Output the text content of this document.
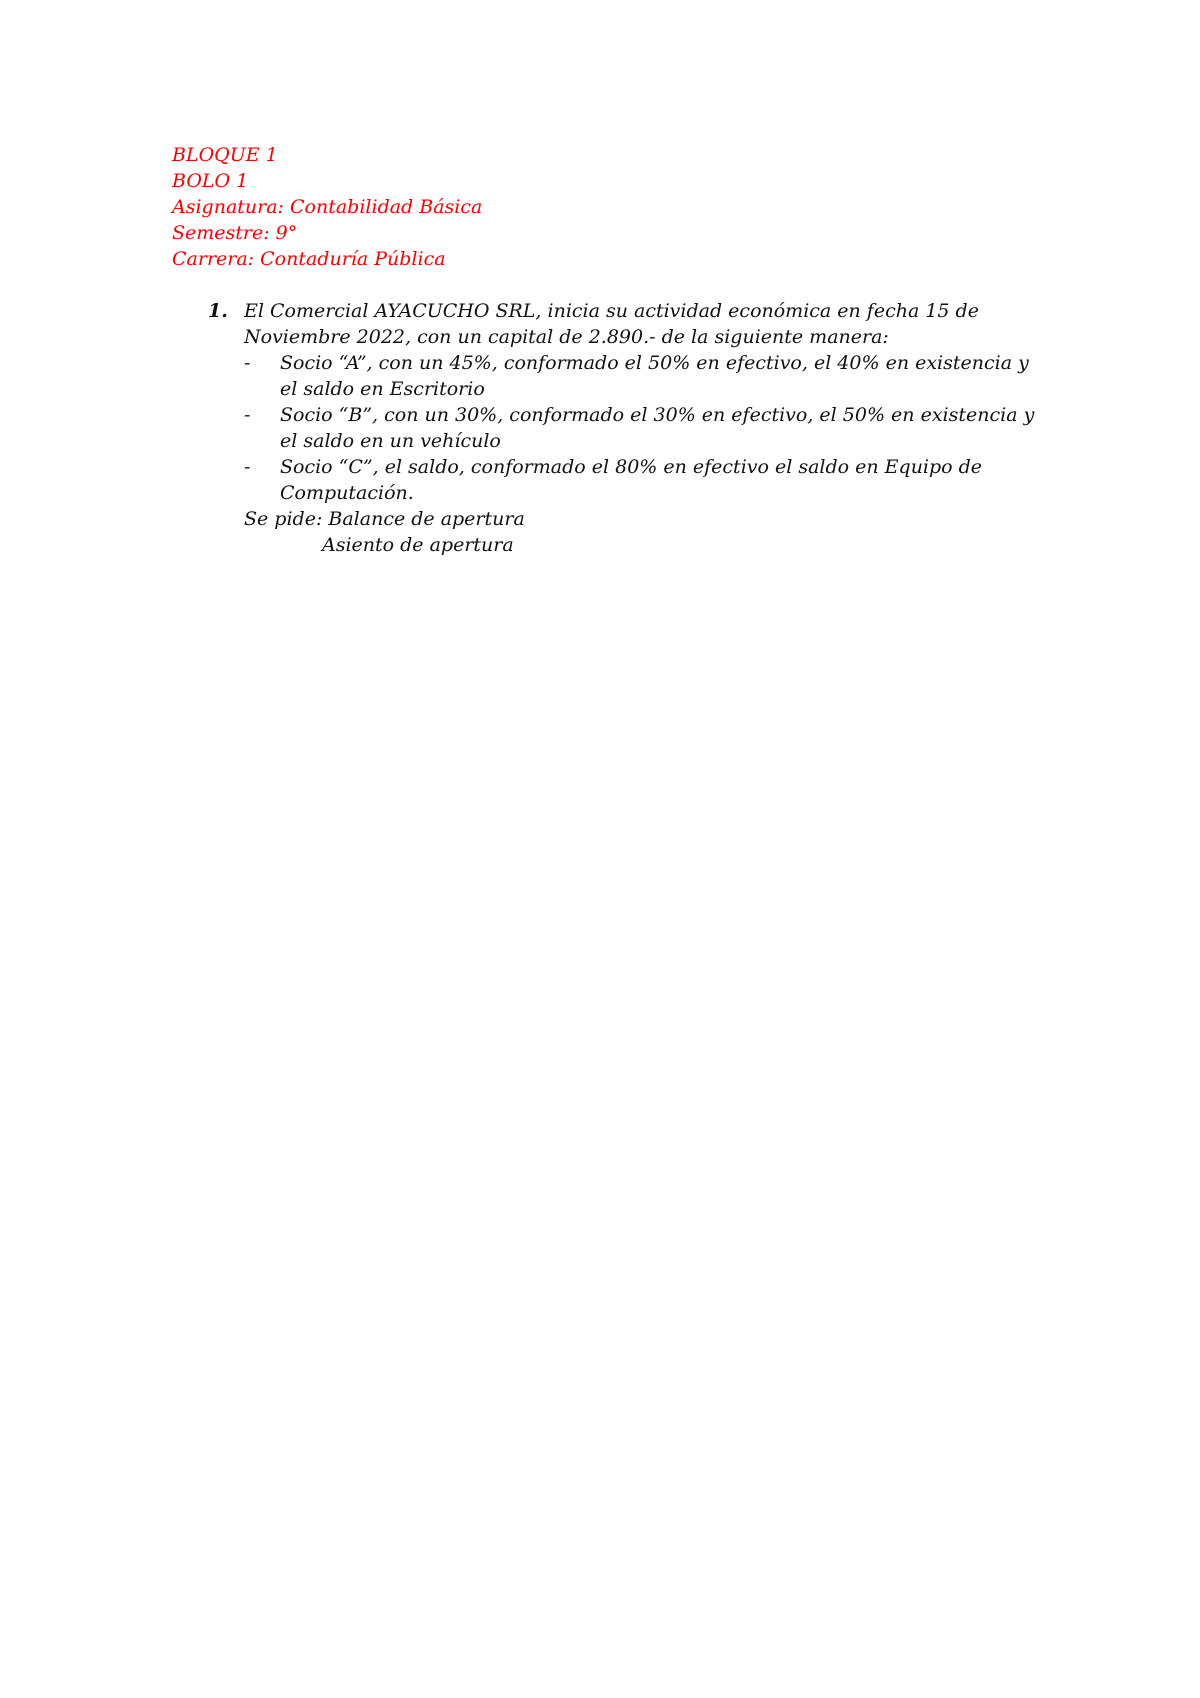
BLOQUE 1

BOLO 1

Asignatura: Contabilidad Básica

Semestre: 9°

Carrera: Contaduría Pública

1. El Comercial AYACUCHO SRL, inicia su actividad económica en fecha 15 de Noviembre 2022, con un capital de 2.890.- de la siguiente manera:

- Socio “A”, con un 45%, conformado el 50% en efectivo, el 40% en existencia y el saldo en Escritorio
- Socio “B”, con un 30%, conformado el 30% en efectivo, el 50% en existencia y el saldo en un vehículo
- Socio “C”, el saldo, conformado el 80% en efectivo el saldo en Equipo de Computación.

Se pide: Balance de apertura
Asiento de apertura
